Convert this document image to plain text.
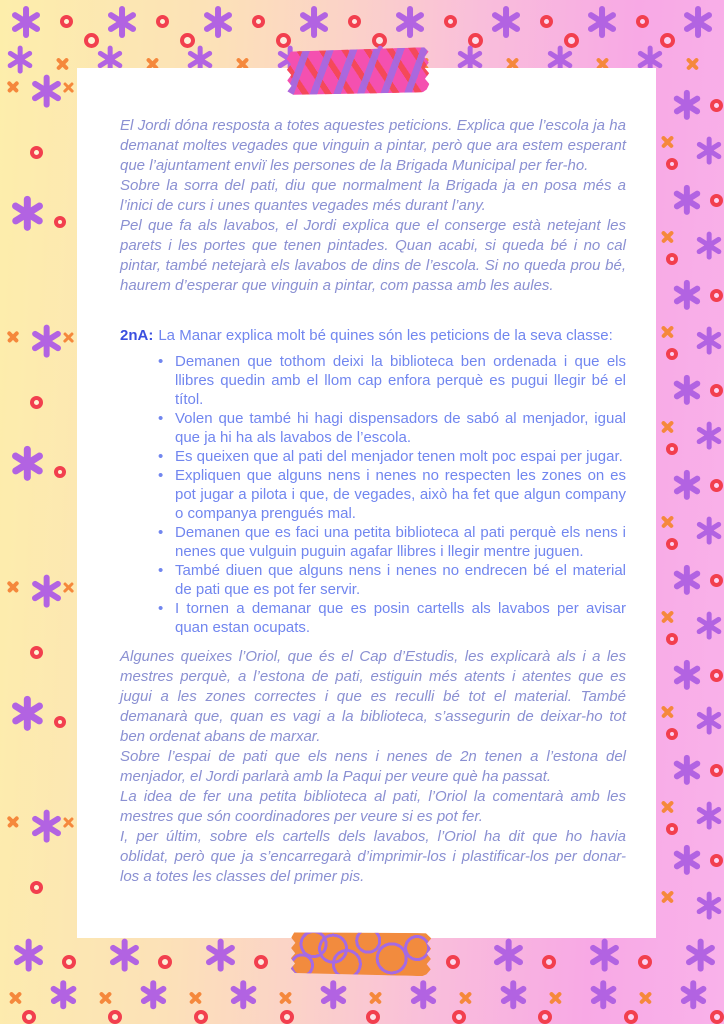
El Jordi dóna resposta a totes aquestes peticions. Explica que l’escola ja ha demanat moltes vegades que vinguin a pintar, però que ara estem esperant que l’ajuntament enviï les persones de la Brigada Municipal per fer-ho.

Sobre la sorra del pati, diu que normalment la Brigada ja en posa més a l’inici de curs i unes quantes vegades més durant l’any.

Pel que fa als lavabos, el Jordi explica que el conserge està netejant les parets i les portes que tenen pintades. Quan acabi, si queda bé i no cal pintar, també netejarà els lavabos de dins de l’escola. Si no queda prou bé, haurem d’esperar que vinguin a pintar, com passa amb les aules.

2nA: La Manar explica molt bé quines són les peticions de la seva classe:

• Demanen que tothom deixi la biblioteca ben ordenada i que els llibres quedin amb el llom cap enfora perquè es pugui llegir bé el títol.
• Volen que també hi hagi dispensadors de sabó al menjador, igual que ja hi ha als lavabos de l’escola.
• Es queixen que al pati del menjador tenen molt poc espai per jugar.
• Expliquen que alguns nens i nenes no respecten les zones on es pot jugar a pilota i que, de vegades, això ha fet que algun company o companya prengués mal.
• Demanen que es faci una petita biblioteca al pati perquè els nens i nenes que vulguin puguin agafar llibres i llegir mentre juguen.
• També diuen que alguns nens i nenes no endrecen bé el material de pati que es pot fer servir.
• I tornen a demanar que es posin cartells als lavabos per avisar quan estan ocupats.

Algunes queixes l’Oriol, que és el Cap d’Estudis, les explicarà als i a les mestres perquè, a l’estona de pati, estiguin més atents i atentes que es jugui a les zones correctes i que es reculli bé tot el material. També demanarà que, quan es vagi a la biblioteca, s’assegurin de deixar-ho tot ben ordenat abans de marxar.

Sobre l’espai de pati que els nens i nenes de 2n tenen a l’estona del menjador, el Jordi parlarà amb la Paqui per veure què ha passat.

La idea de fer una petita biblioteca al pati, l’Oriol la comentarà amb les mestres que són coordinadores per veure si es pot fer.

I, per últim, sobre els cartells dels lavabos, l’Oriol ha dit que ho havia oblidat, però que ja s’encarregarà d’imprimir-los i plastificar-los per donar-los a totes les classes del primer pis.
